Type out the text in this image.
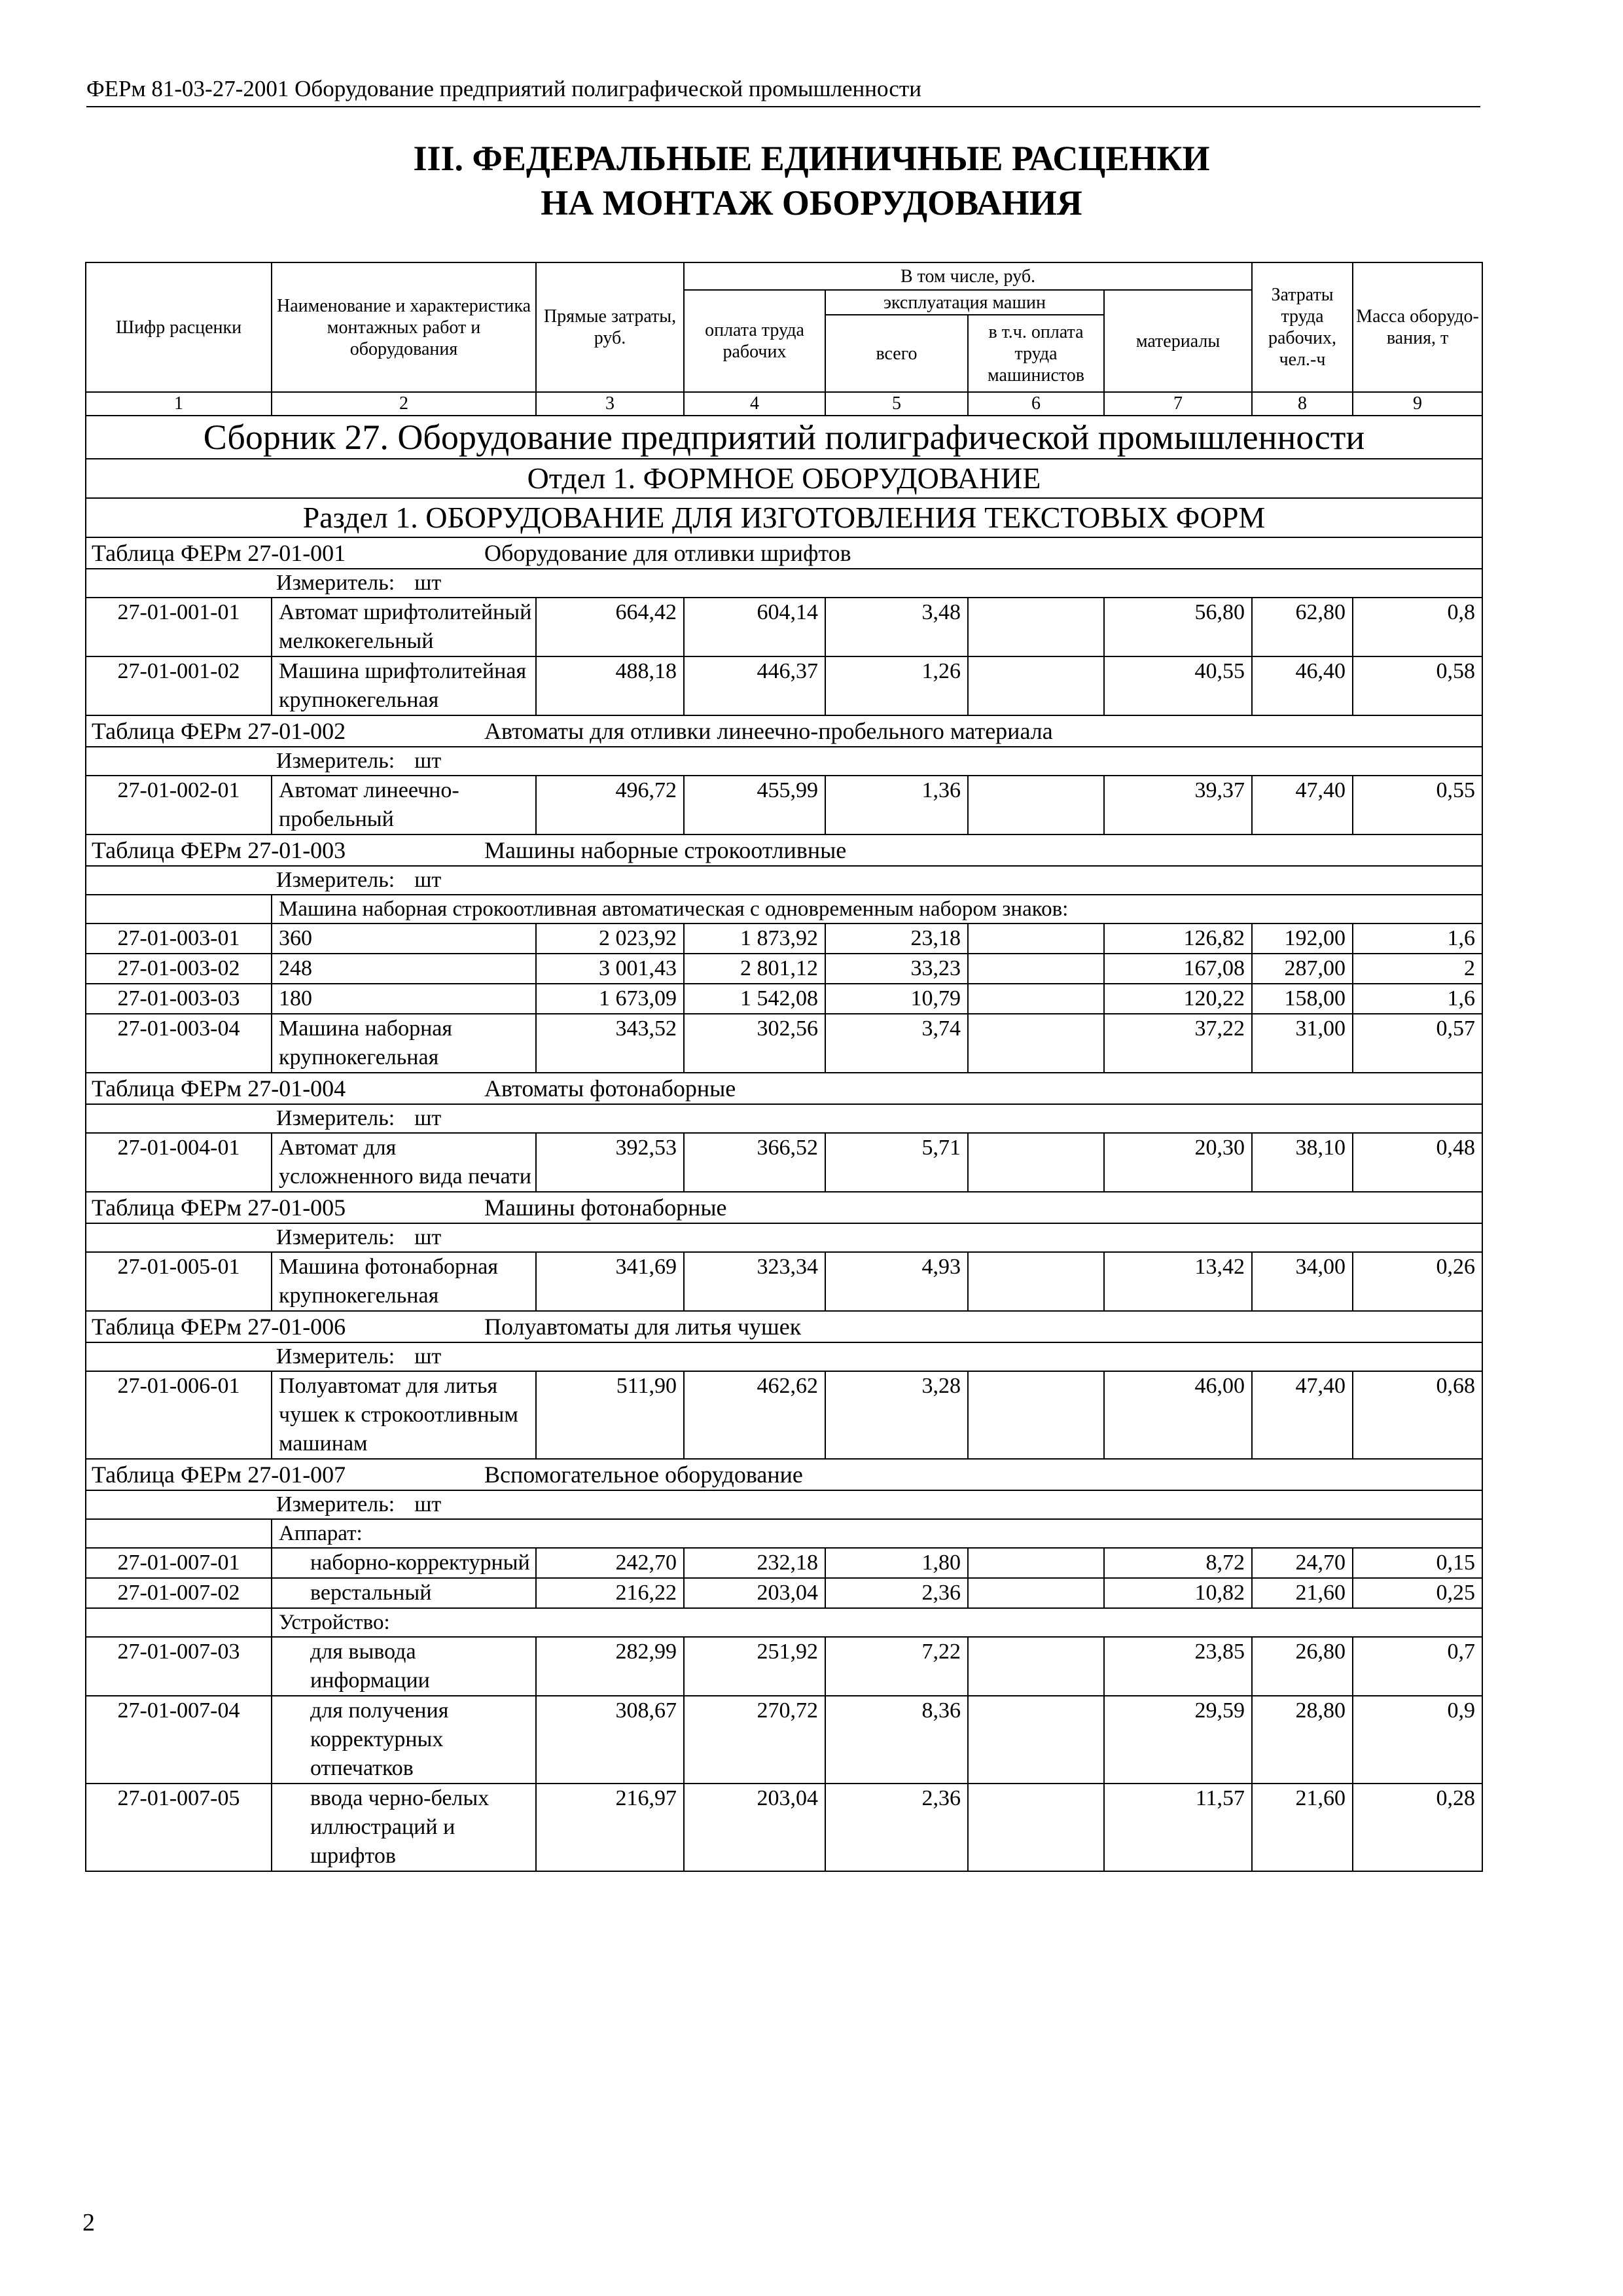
ФЕРм 81-03-27-2001 Оборудование предприятий полиграфической промышленности
III. ФЕДЕРАЛЬНЫЕ ЕДИНИЧНЫЕ РАСЦЕНКИ
НА МОНТАЖ ОБОРУДОВАНИЯ
Шифр расценки	Наименование и характеристика монтажных работ и оборудования	Прямые затраты, руб.	В том числе, руб.				Затраты труда рабочих, чел.-ч	Масса оборудо-вания, т
			оплата труда рабочих	эксплуатация машин		материалы		
				всего	в т.ч. оплата труда машинистов			
1	2	3	4	5	6	7	8	9
Сборник 27. Оборудование предприятий полиграфической промышленности								
Отдел 1. ФОРМНОЕ ОБОРУДОВАНИЕ								
Раздел 1. ОБОРУДОВАНИЕ ДЛЯ ИЗГОТОВЛЕНИЯ ТЕКСТОВЫХ ФОРМ								
Таблица ФЕРм 27-01-001 Оборудование для отливки шрифтов								
Измеритель: шт								
27-01-001-01	Автомат шрифтолитейный мелкокегельный	664,42	604,14	3,48		56,80	62,80	0,8
27-01-001-02	Машина шрифтолитейная крупнокегельная	488,18	446,37	1,26		40,55	46,40	0,58
Таблица ФЕРм 27-01-002 Автоматы для отливки линеечно-пробельного материала								
Измеритель: шт								
27-01-002-01	Автомат линеечно-пробельный	496,72	455,99	1,36		39,37	47,40	0,55
Таблица ФЕРм 27-01-003 Машины наборные строкоотливные								
Измеритель: шт								
	Машина наборная строкоотливная автоматическая с одновременным набором знаков:							
27-01-003-01	360	2 023,92	1 873,92	23,18		126,82	192,00	1,6
27-01-003-02	248	3 001,43	2 801,12	33,23		167,08	287,00	2
27-01-003-03	180	1 673,09	1 542,08	10,79		120,22	158,00	1,6
27-01-003-04	Машина наборная крупнокегельная	343,52	302,56	3,74		37,22	31,00	0,57
Таблица ФЕРм 27-01-004 Автоматы фотонаборные								
Измеритель: шт								
27-01-004-01	Автомат для усложненного вида печати	392,53	366,52	5,71		20,30	38,10	0,48
Таблица ФЕРм 27-01-005 Машины фотонаборные								
Измеритель: шт								
27-01-005-01	Машина фотонаборная крупнокегельная	341,69	323,34	4,93		13,42	34,00	0,26
Таблица ФЕРм 27-01-006 Полуавтоматы для литья чушек								
Измеритель: шт								
27-01-006-01	Полуавтомат для литья чушек к строкоотливным машинам	511,90	462,62	3,28		46,00	47,40	0,68
Таблица ФЕРм 27-01-007 Вспомогательное оборудование								
Измеритель: шт								
	Аппарат:							
27-01-007-01	наборно-корректурный	242,70	232,18	1,80		8,72	24,70	0,15
27-01-007-02	верстальный	216,22	203,04	2,36		10,82	21,60	0,25
	Устройство:							
27-01-007-03	для вывода информации	282,99	251,92	7,22		23,85	26,80	0,7
27-01-007-04	для получения корректурных отпечатков	308,67	270,72	8,36		29,59	28,80	0,9
27-01-007-05	ввода черно-белых иллюстраций и шрифтов	216,97	203,04	2,36		11,57	21,60	0,28
2
